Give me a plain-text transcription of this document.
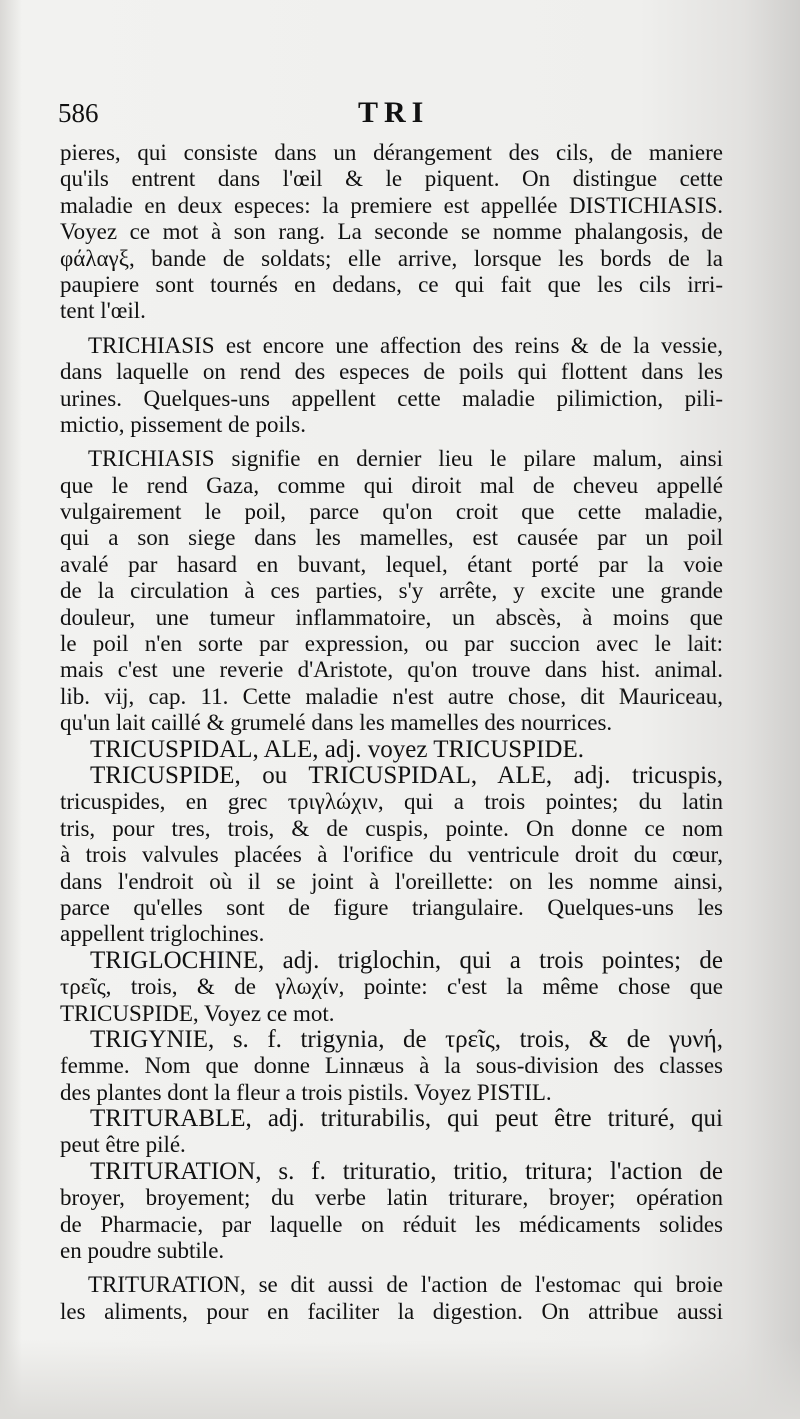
586	TRI
pieres, qui consiste dans un dérangement des cils, de maniere
qu'ils entrent dans l'œil & le piquent. On distingue cette
maladie en deux especes: la premiere est appellée DISTICHIASIS.
Voyez ce mot à son rang. La seconde se nomme phalangosis, de
φάλαγξ, bande de soldats; elle arrive, lorsque les bords de la
paupiere sont tournés en dedans, ce qui fait que les cils irri-
tent l'œil.
TRICHIASIS est encore une affection des reins & de la vessie,
dans laquelle on rend des especes de poils qui flottent dans les
urines. Quelques-uns appellent cette maladie pilimiction, pili-
mictio, pissement de poils.
TRICHIASIS signifie en dernier lieu le pilare malum, ainsi
que le rend Gaza, comme qui diroit mal de cheveu appellé
vulgairement le poil, parce qu'on croit que cette maladie,
qui a son siege dans les mamelles, est causée par un poil
avalé par hasard en buvant, lequel, étant porté par la voie
de la circulation à ces parties, s'y arrête, y excite une grande
douleur, une tumeur inflammatoire, un abscès, à moins que
le poil n'en sorte par expression, ou par succion avec le lait:
mais c'est une reverie d'Aristote, qu'on trouve dans hist. animal.
lib. vij, cap. 11. Cette maladie n'est autre chose, dit Mauriceau,
qu'un lait caillé & grumelé dans les mamelles des nourrices.
TRICUSPIDAL, ALE, adj. voyez TRICUSPIDE.
TRICUSPIDE, ou TRICUSPIDAL, ALE, adj. tricuspis,
tricuspides, en grec τριγλώχιν, qui a trois pointes; du latin
tris, pour tres, trois, & de cuspis, pointe. On donne ce nom
à trois valvules placées à l'orifice du ventricule droit du cœur,
dans l'endroit où il se joint à l'oreillette: on les nomme ainsi,
parce qu'elles sont de figure triangulaire. Quelques-uns les
appellent triglochines.
TRIGLOCHINE, adj. triglochin, qui a trois pointes; de
τρεῖς, trois, & de γλωχίν, pointe: c'est la même chose que
TRICUSPIDE, Voyez ce mot.
TRIGYNIE, s. f. trigynia, de τρεῖς, trois, & de γυνή,
femme. Nom que donne Linnæus à la sous-division des classes
des plantes dont la fleur a trois pistils. Voyez PISTIL.
TRITURABLE, adj. triturabilis, qui peut être trituré, qui
peut être pilé.
TRITURATION, s. f. trituratio, tritio, tritura; l'action de
broyer, broyement; du verbe latin triturare, broyer; opération
de Pharmacie, par laquelle on réduit les médicaments solides
en poudre subtile.
TRITURATION, se dit aussi de l'action de l'estomac qui broie
les aliments, pour en faciliter la digestion. On attribue aussi
